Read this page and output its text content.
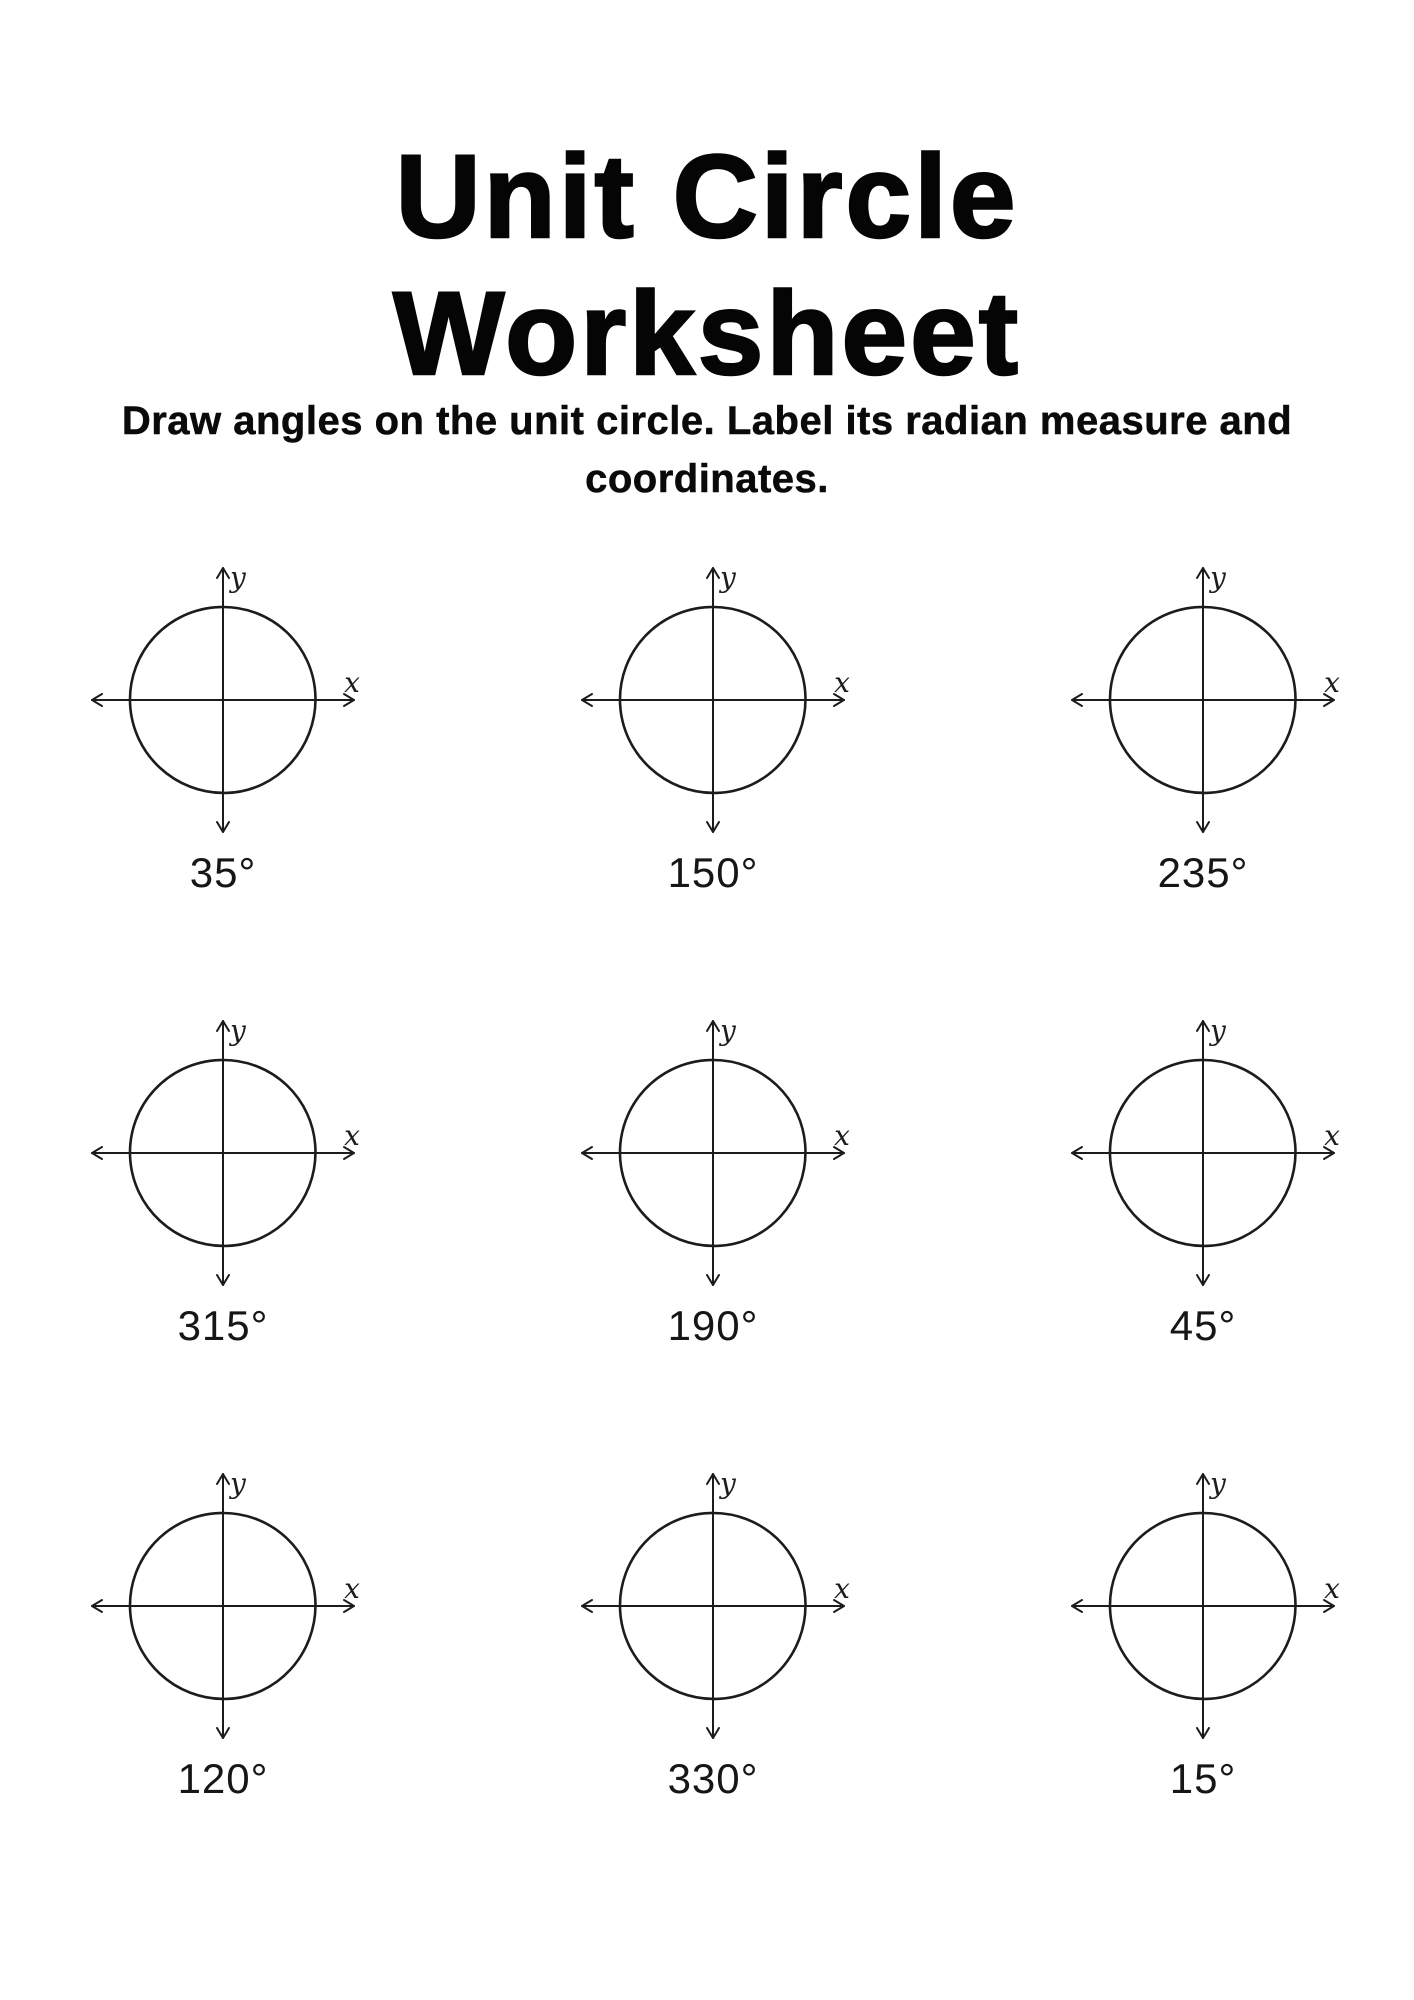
Unit Circle
Worksheet

Draw angles on the unit circle. Label its radian measure and
coordinates.

x
y
35°
x
y
150°
x
y
235°
x
y
315°
x
y
190°
x
y
45°
x
y
120°
x
y
330°
x
y
15°
